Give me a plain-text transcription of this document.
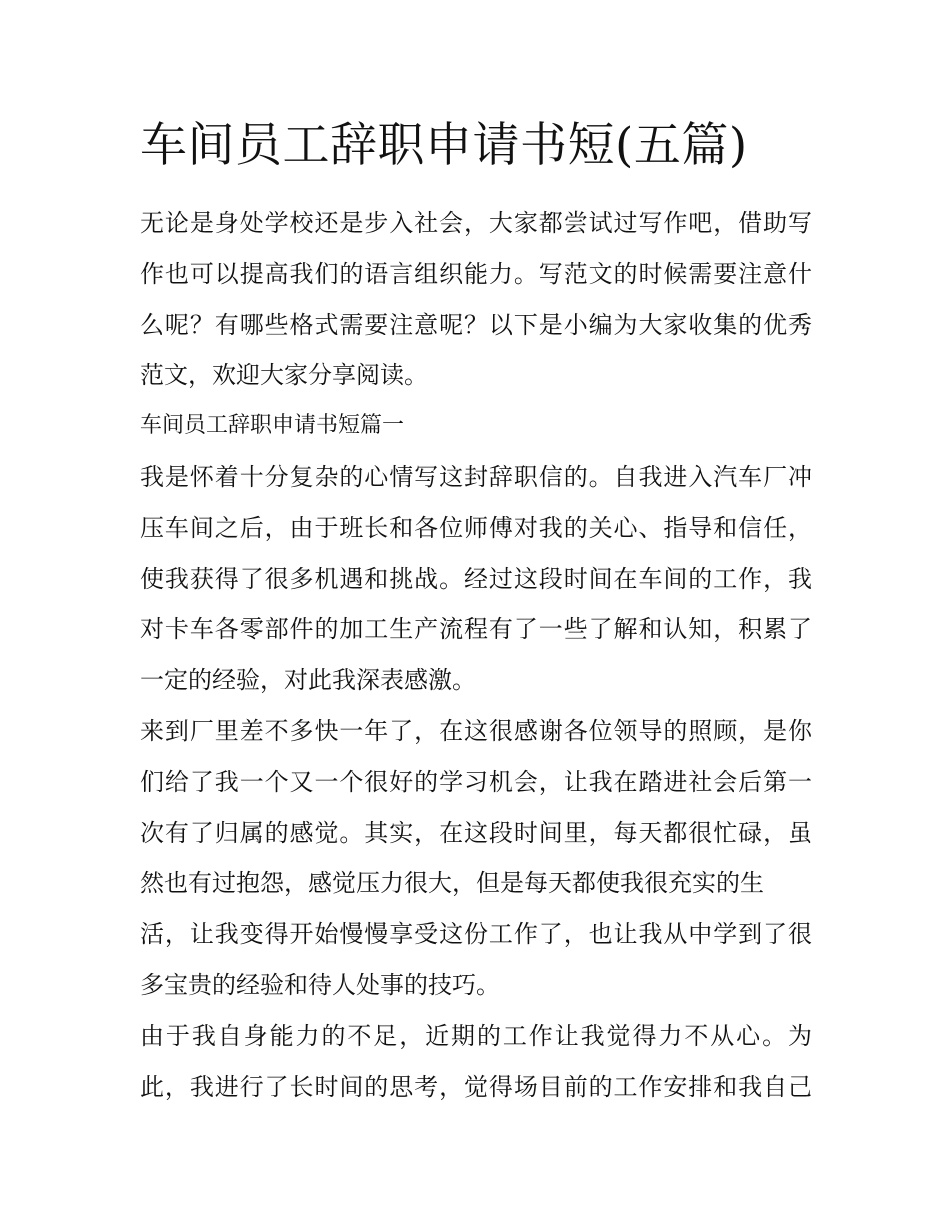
车间员工辞职申请书短(五篇)
无论是身处学校还是步入社会，大家都尝试过写作吧，借助写
作也可以提高我们的语言组织能力。写范文的时候需要注意什
么呢？有哪些格式需要注意呢？以下是小编为大家收集的优秀
范文，欢迎大家分享阅读。
车间员工辞职申请书短篇一
我是怀着十分复杂的心情写这封辞职信的。自我进入汽车厂冲
压车间之后，由于班长和各位师傅对我的关心、指导和信任，
使我获得了很多机遇和挑战。经过这段时间在车间的工作，我
对卡车各零部件的加工生产流程有了一些了解和认知，积累了
一定的经验，对此我深表感激。
来到厂里差不多快一年了，在这很感谢各位领导的照顾，是你
们给了我一个又一个很好的学习机会，让我在踏进社会后第一
次有了归属的感觉。其实，在这段时间里，每天都很忙碌，虽
然也有过抱怨，感觉压力很大，但是每天都使我很充实的生
活，让我变得开始慢慢享受这份工作了，也让我从中学到了很
多宝贵的经验和待人处事的技巧。
由于我自身能力的不足，近期的工作让我觉得力不从心。为
此，我进行了长时间的思考，觉得场目前的工作安排和我自己
